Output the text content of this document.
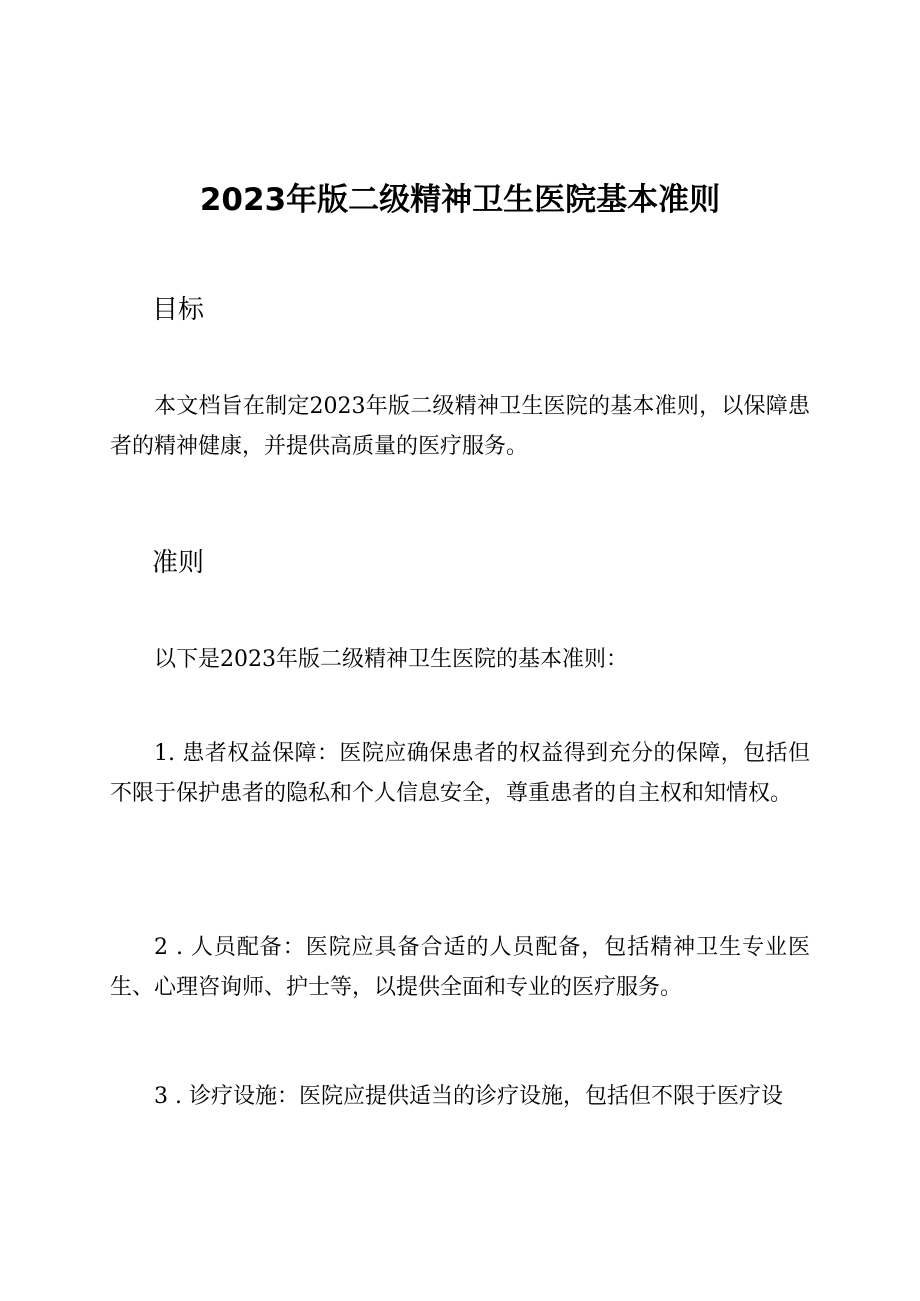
2023年版二级精神卫生医院基本准则
目标

本文档旨在制定2023年版二级精神卫生医院的基本准则，以保障患者的精神健康，并提供高质量的医疗服务。

准则

以下是2023年版二级精神卫生医院的基本准则：

1. 患者权益保障：医院应确保患者的权益得到充分的保障，包括但不限于保护患者的隐私和个人信息安全，尊重患者的自主权和知情权。

2 . 人员配备：医院应具备合适的人员配备，包括精神卫生专业医生、心理咨询师、护士等，以提供全面和专业的医疗服务。

3 . 诊疗设施：医院应提供适当的诊疗设施，包括但不限于医疗设
